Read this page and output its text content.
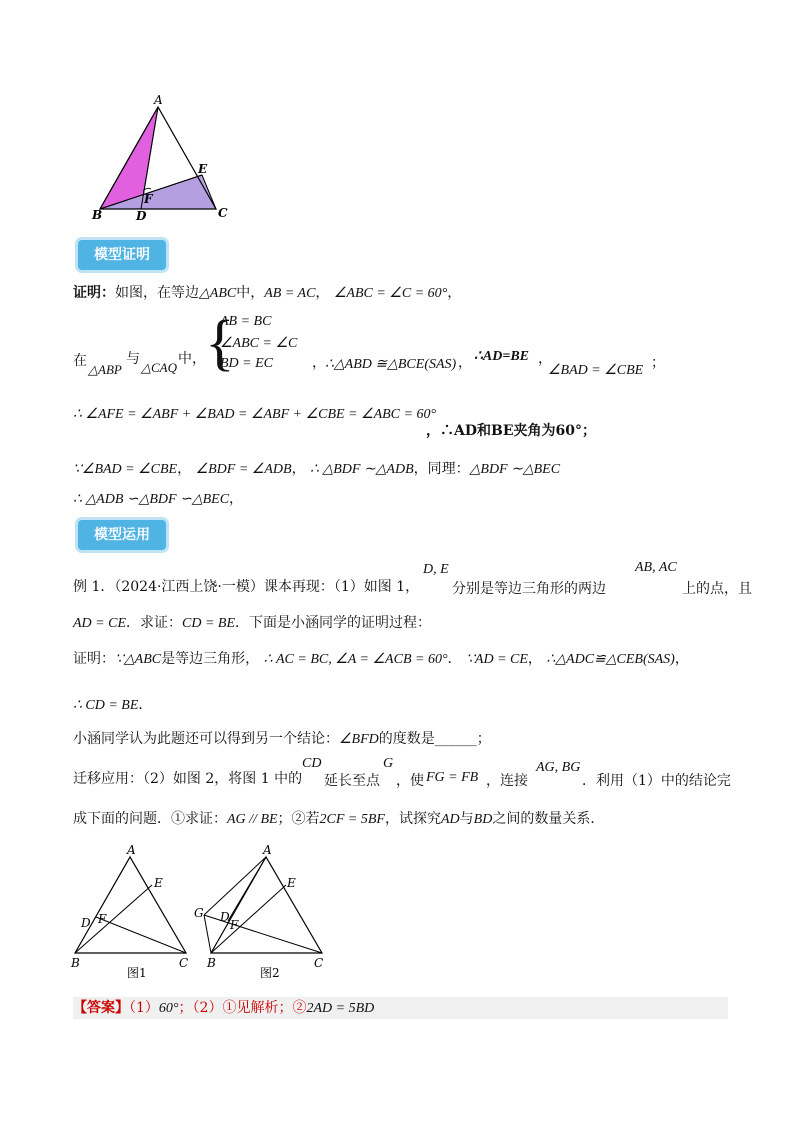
A
B	C
D
E
F
模型证明
证明：如图，在等边△ABC中，AB = AC， ∠ABC = ∠C = 60°，
在
△ABP
与
△CAQ
中， {
AB = BC
∠ABC = ∠C
BD = EC	， ∴△ABD ≅△BCE(SAS) ， ∴AD=BE ，
∠BAD = ∠CBE ；
∴ ∠AFE = ∠ABF + ∠BAD = ∠ABF + ∠CBE = ∠ABC = 60°
，∴AD和BE夹角为60°；
∵∠BAD = ∠CBE， ∠BDF = ∠ADB， ∴ △BDF ∼△ADB，同理：△BDF ∼△BEC
∴ △ADB ∽△BDF ∽△BEC，
模型运用
例 1．（2024·江西上饶·一模）课本再现：（1）如图 1，
D, E
分别是等边三角形的两边
AB, AC
上的点，且
AD = CE．求证：CD = BE．下面是小涵同学的证明过程：
证明：∵△ABC是等边三角形， ∴ AC = BC, ∠A = ∠ACB = 60°． ∵AD = CE， ∴△ADC≌△CEB(SAS)，
∴ CD = BE．
小涵同学认为此题还可以得到另一个结论：∠BFD的度数是______；
迁移应用：（2）如图 2，将图 1 中的
CD
延长至点
G
，使 FG = FB ，连接
AG, BG
．利用（1）中的结论完
成下面的问题．①求证：AG // BE；②若2CF = 5BF，试探究AD与BD之间的数量关系．
A
B	C
D
E
F
图1
A
B	C
D
E
F
G
图2
【答案】（1）60°；（2）①见解析；②2AD = 5BD
